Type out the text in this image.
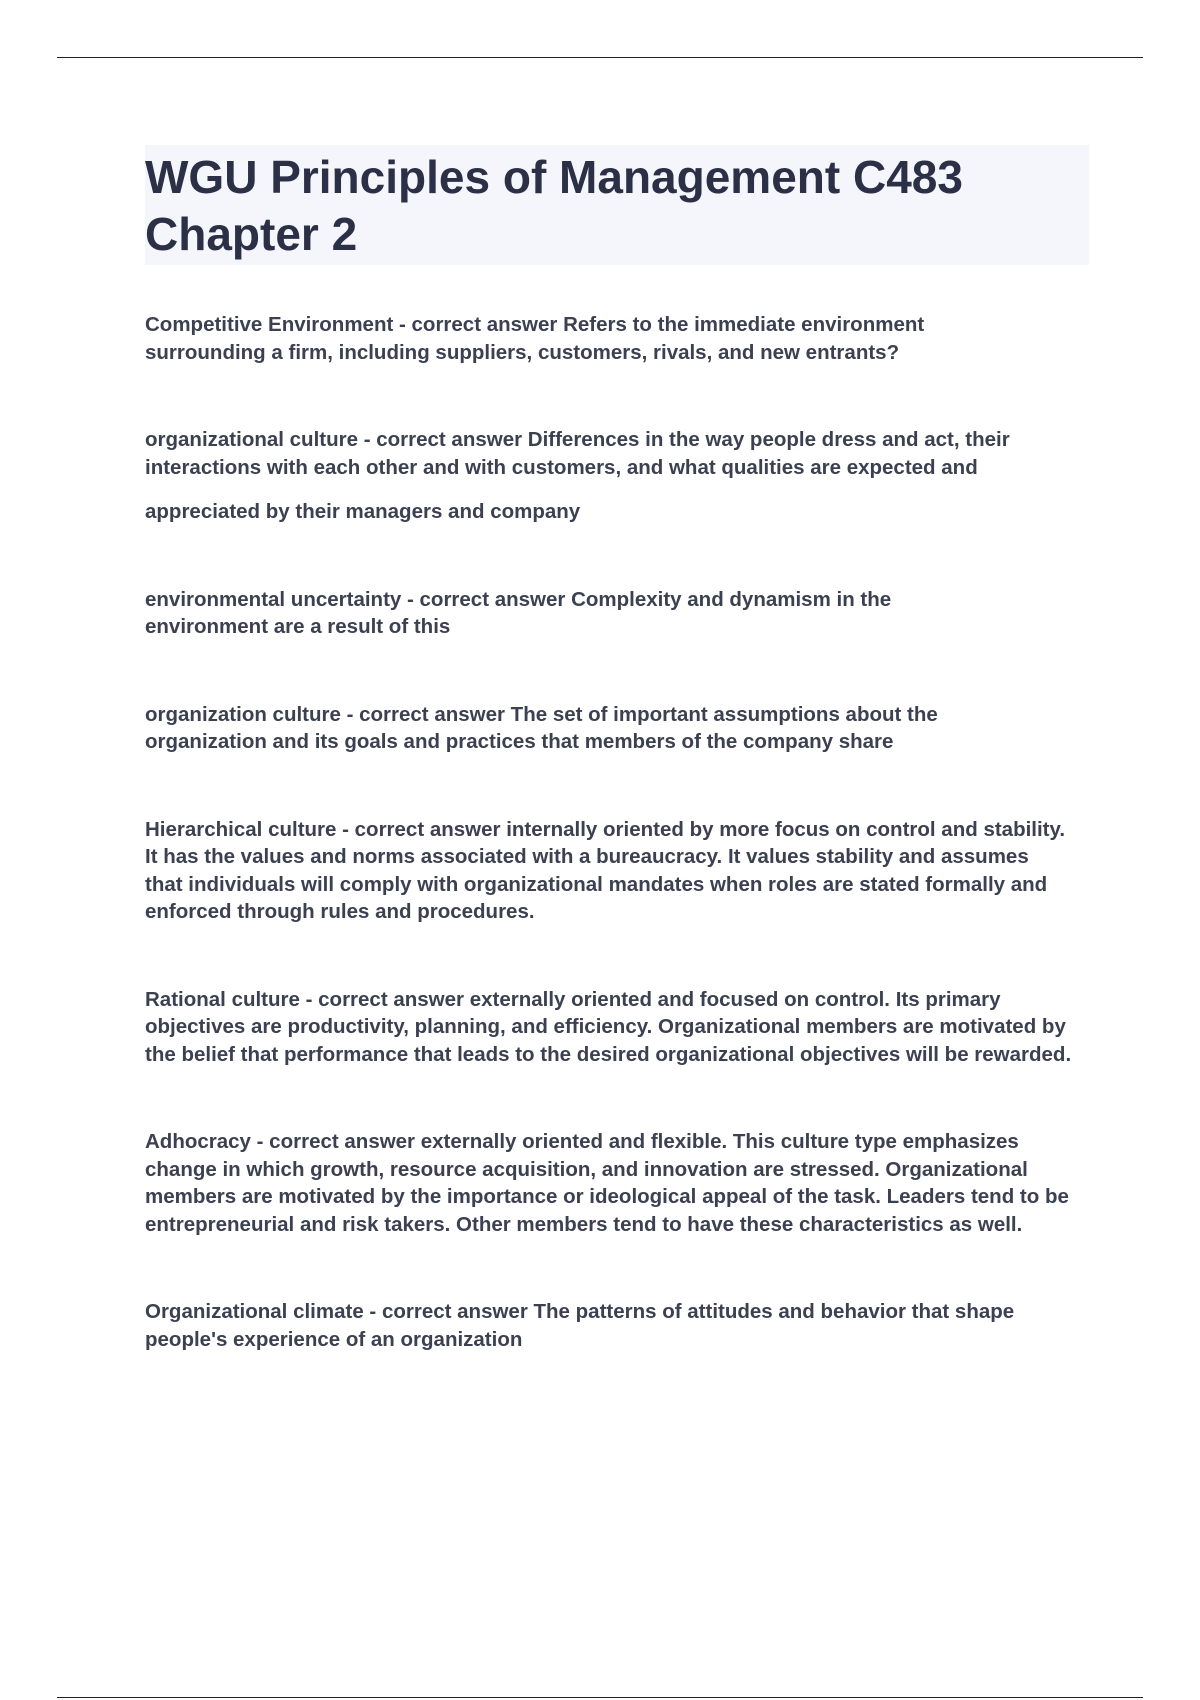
WGU Principles of Management C483 Chapter 2

Competitive Environment - correct answer Refers to the immediate environment surrounding a firm, including suppliers, customers, rivals, and new entrants?

organizational culture - correct answer Differences in the way people dress and act, their interactions with each other and with customers, and what qualities are expected and
appreciated by their managers and company

environmental uncertainty - correct answer Complexity and dynamism in the environment are a result of this

organization culture - correct answer The set of important assumptions about the organization and its goals and practices that members of the company share

Hierarchical culture - correct answer internally oriented by more focus on control and stability. It has the values and norms associated with a bureaucracy. It values stability and assumes that individuals will comply with organizational mandates when roles are stated formally and enforced through rules and procedures.

Rational culture - correct answer externally oriented and focused on control. Its primary objectives are productivity, planning, and efficiency. Organizational members are motivated by the belief that performance that leads to the desired organizational objectives will be rewarded.

Adhocracy - correct answer externally oriented and flexible. This culture type emphasizes change in which growth, resource acquisition, and innovation are stressed. Organizational members are motivated by the importance or ideological appeal of the task. Leaders tend to be entrepreneurial and risk takers. Other members tend to have these characteristics as well.

Organizational climate - correct answer The patterns of attitudes and behavior that shape people's experience of an organization
